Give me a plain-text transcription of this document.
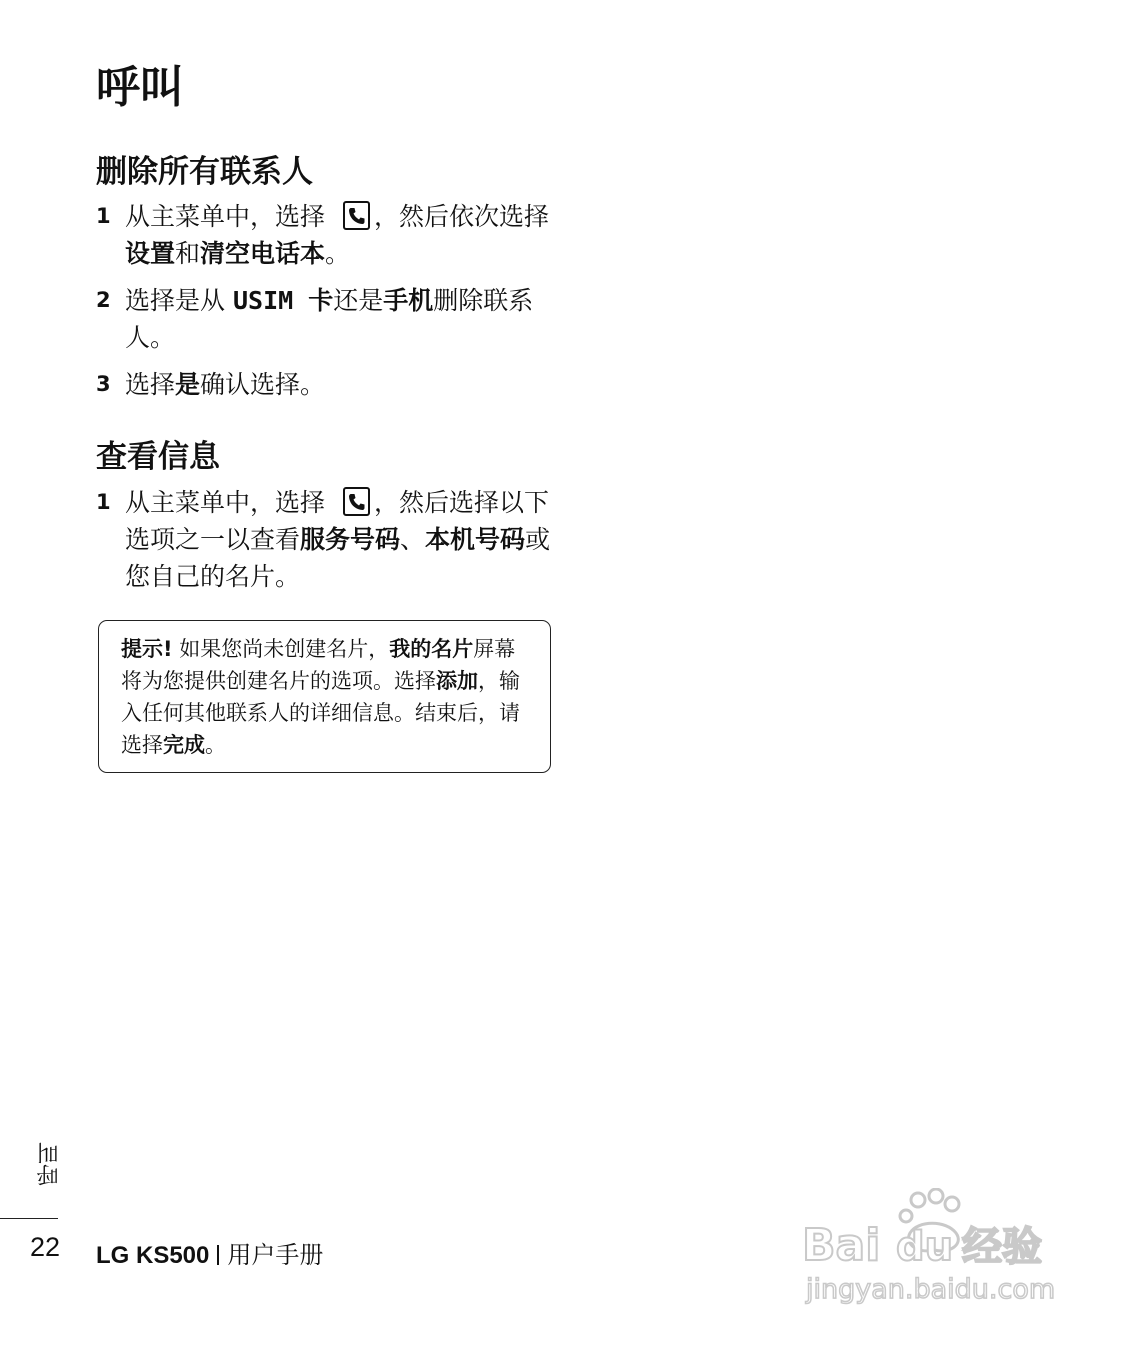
呼叫
删除所有联系人
1 从主菜单中，选择 ，然后依次选择设置和清空电话本。
2 选择是从 USIM 卡还是手机删除联系人。
3 选择是确认选择。
查看信息
1 从主菜单中，选择 ，然后选择以下选项之一以查看服务号码、本机号码或您自己的名片。
提示! 如果您尚未创建名片，我的名片屏幕将为您提供创建名片的选项。选择添加，输入任何其他联系人的详细信息。结束后，请选择完成。
呼叫
22 LG KS500 用户手册	Bai du 经验
jingyan.baidu.com
